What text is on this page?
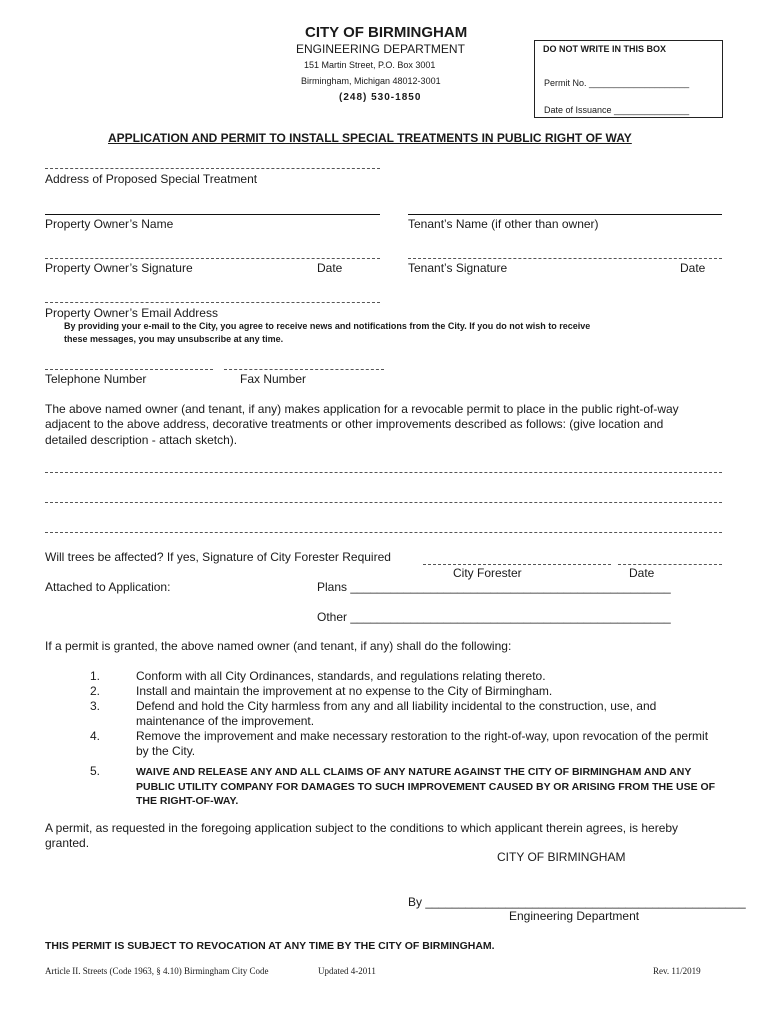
CITY OF BIRMINGHAM
ENGINEERING DEPARTMENT
151 Martin Street, P.O. Box 3001
Birmingham, Michigan 48012-3001
(248) 530-1850
DO NOT WRITE IN THIS BOX
Permit No. ____________________
Date of Issuance _______________
APPLICATION AND PERMIT TO INSTALL SPECIAL TREATMENTS IN PUBLIC RIGHT OF WAY
Address of Proposed Special Treatment
Property Owner’s Name	Tenant’s Name (if other than owner)
Property Owner’s Signature	Date	Tenant’s Signature	Date
Property Owner’s Email Address
By providing your e-mail to the City, you agree to receive news and notifications from the City. If you do not wish to receive
these messages, you may unsubscribe at any time.
Telephone Number	Fax Number
The above named owner (and tenant, if any) makes application for a revocable permit to place in the public right-of-way
adjacent to the above address, decorative treatments or other improvements described as follows: (give location and
detailed description - attach sketch).
Will trees be affected? If yes, Signature of City Forester Required
City Forester	Date
Attached to Application:	Plans ________________________________________________
Other ________________________________________________
If a permit is granted, the above named owner (and tenant, if any) shall do the following:
1.	Conform with all City Ordinances, standards, and regulations relating thereto.
2.	Install and maintain the improvement at no expense to the City of Birmingham.
3.	Defend and hold the City harmless from any and all liability incidental to the construction, use, and maintenance of the improvement.
4.	Remove the improvement and make necessary restoration to the right-of-way, upon revocation of the permit by the City.
5.	WAIVE AND RELEASE ANY AND ALL CLAIMS OF ANY NATURE AGAINST THE CITY OF BIRMINGHAM AND ANY PUBLIC UTILITY COMPANY FOR DAMAGES TO SUCH IMPROVEMENT CAUSED BY OR ARISING FROM THE USE OF THE RIGHT-OF-WAY.
A permit, as requested in the foregoing application subject to the conditions to which applicant therein agrees, is hereby
granted.
CITY OF BIRMINGHAM
By ________________________________________________
Engineering Department
THIS PERMIT IS SUBJECT TO REVOCATION AT ANY TIME BY THE CITY OF BIRMINGHAM.
Article II. Streets (Code 1963, § 4.10) Birmingham City Code	Updated 4-2011	Rev. 11/2019
